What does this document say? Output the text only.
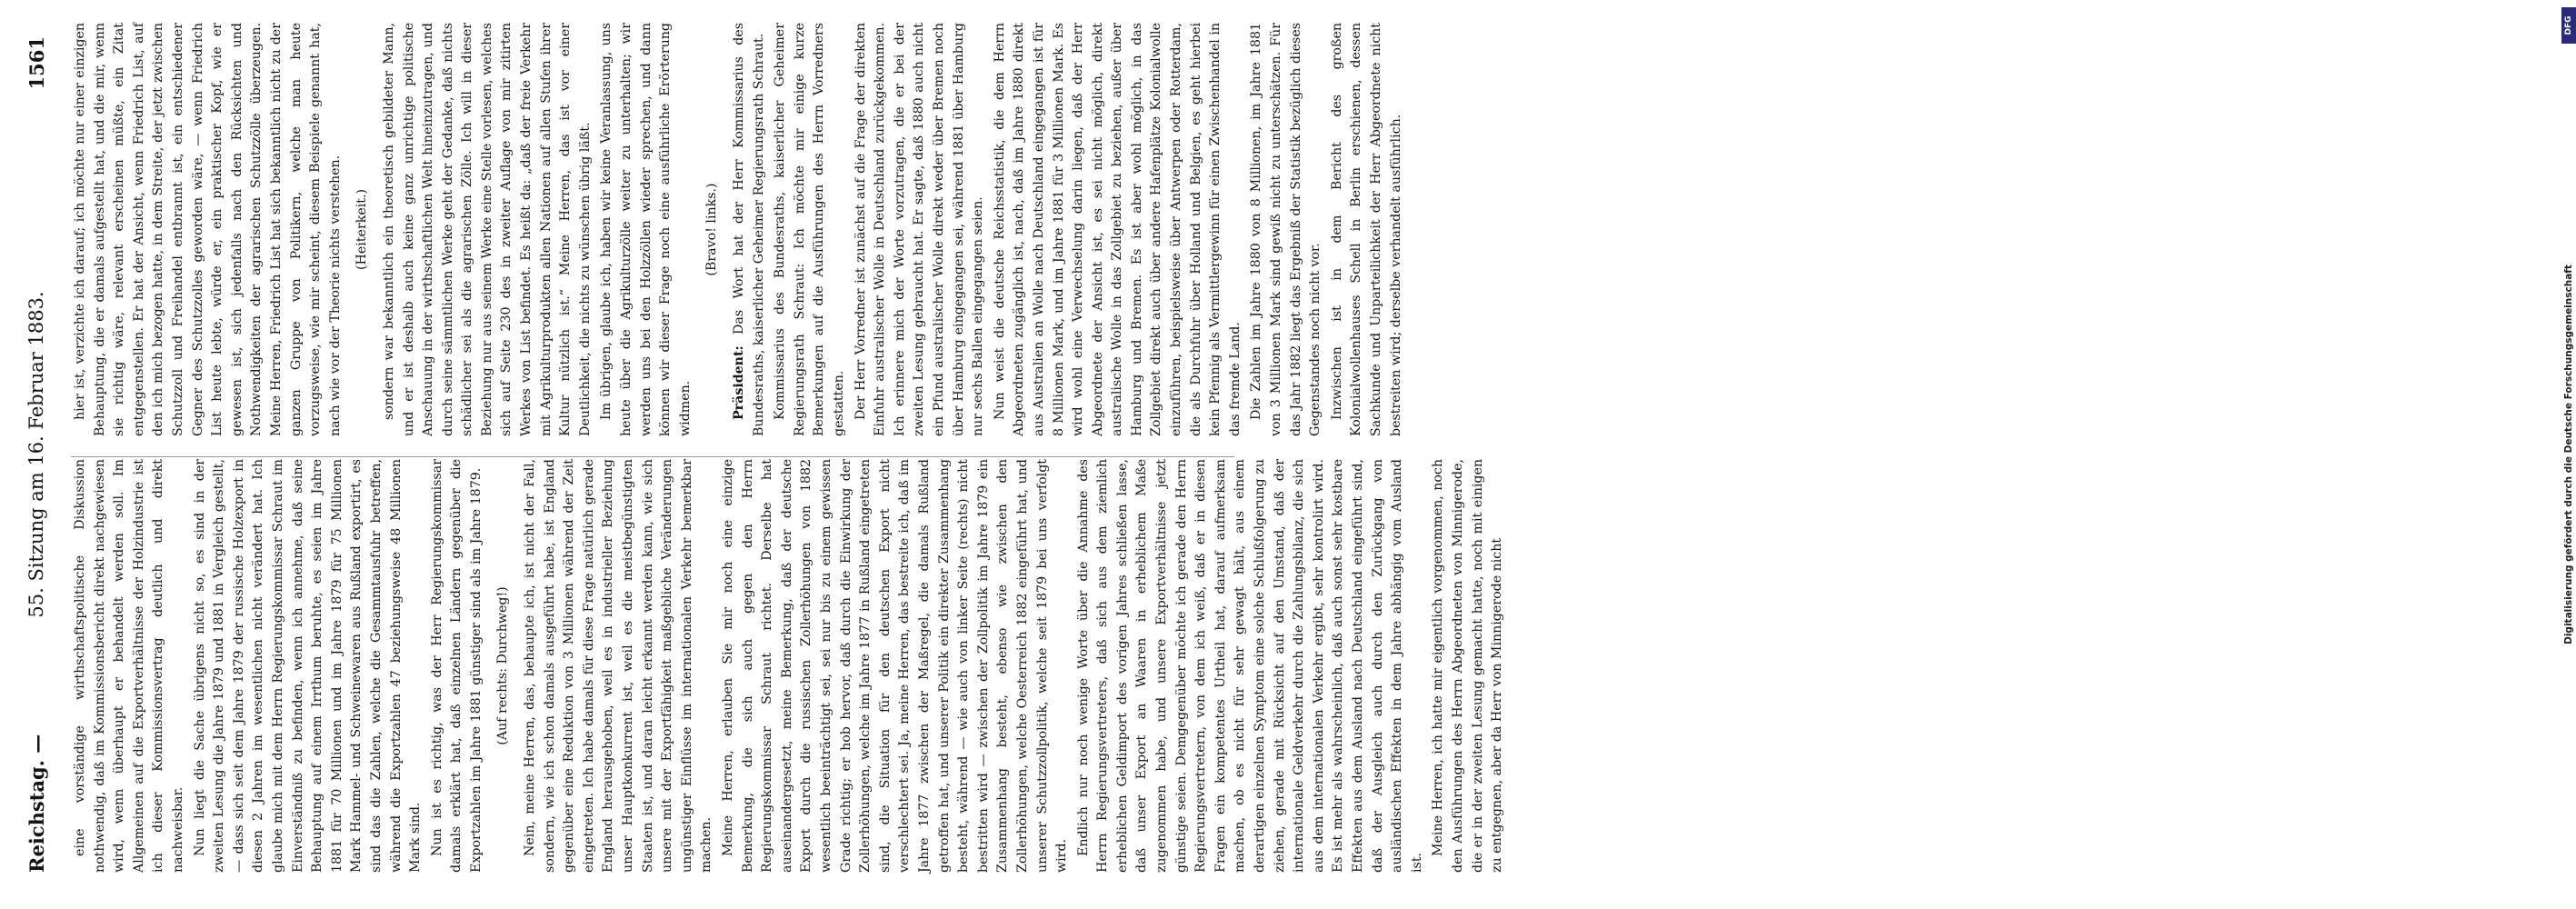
Reichstag. —
55. Sitzung am 16. Februar 1883.
1561

eine vorständige wirthschaftspolitische Diskussion nothwendig, daß im Kommissionsbericht direkt nachgewiesen wird, wenn überhaupt er behandelt werden soll. Im Allgemeinen auf die Exportverhältnisse der Holzindustrie ist ich dieser Kommissionsvertrag deutlich und direkt nachweisbar. Nun liegt die Sache übrigens nicht so, es sind in der zweiten Lesung die Jahre 1879 und 1881 in Vergleich gestellt, — dass sich seit dem Jahre 1879 der russische Holzexport in diesen 2 Jahren im wesentlichen nicht verändert hat. Ich glaube mich mit dem Herrn Regierungskommissar Schraut im Einverständniß zu befinden, wenn ich annehme, daß seine Behauptung auf einem Irrthum beruhte, es seien im Jahre 1881 für 70 Millionen und im Jahre 1879 für 75 Millionen Mark Hammel- und Schweinewaren aus Rußland exportirt, es sind das die Zahlen, welche die Gesammtausfuhr betreffen, während die Exportzahlen 47 beziehungsweise 48 Millionen Mark sind. Nun ist es richtig, was der Herr Regierungskommissar damals erklärt hat, daß einzelnen Ländern gegenüber die Exportzahlen im Jahre 1881 günstiger sind als im Jahre 1879. (Auf rechts: Durchweg!) Nein, meine Herren, das, behaupte ich, ist nicht der Fall, sondern, wie ich schon damals ausgeführt habe, ist England gegenüber eine Reduktion von 3 Millionen während der Zeit eingetreten. Ich habe damals für diese Frage natürlich gerade England herausgehoben, weil es in industrieller Beziehung unser Hauptkonkurrent ist, weil es die meistbegünstigten Staaten ist, und daran leicht erkannt werden kann, wie sich unsere mit der Exportfähigkeit maßgebliche Veränderungen ungünstiger Einflüsse im internationalen Verkehr bemerkbar machen. Meine Herren, erlauben Sie mir noch eine einzige Bemerkung, die sich auch gegen den Herrn Regierungskommissar Schraut richtet. Derselbe hat auseinandergesetzt, meine Bemerkung, daß der deutsche Export durch die russischen Zollerhöhungen von 1882 wesentlich beeinträchtigt sei, sei nur bis zu einem gewissen Grade richtig; er hob hervor, daß durch die Einwirkung der Zollerhöhungen, welche im Jahre 1877 in Rußland eingetreten sind, die Situation für den deutschen Export nicht verschlechtert sei. Ja, meine Herren, das bestreite ich, daß im Jahre 1877 zwischen der Maßregel, die damals Rußland getroffen hat, und unserer Politik ein direkter Zusammenhang besteht, während — wie auch von linker Seite (rechts) nicht bestritten wird — zwischen der Zollpolitik im Jahre 1879 ein Zusammenhang besteht, ebenso wie zwischen den Zollerhöhungen, welche Oesterreich 1882 eingeführt hat, und unserer Schutzzollpolitik, welche seit 1879 bei uns verfolgt wird. Endlich nur noch wenige Worte über die Annahme des Herrn Regierungsvertreters, daß sich aus dem ziemlich erheblichen Geldimport des vorigen Jahres schließen lasse, daß unser Export an Waaren in erheblichem Maße zugenommen habe, und unsere Exportverhältnisse jetzt günstige seien. Demgegenüber möchte ich gerade den Herrn Regierungsvertretern, von dem ich weiß, daß er in diesen Fragen ein kompetentes Urtheil hat, darauf aufmerksam machen, ob es nicht für sehr gewagt hält, aus einem derartigen einzelnen Symptom eine solche Schlußfolgerung zu ziehen, gerade mit Rücksicht auf den Umstand, daß der internationale Geldverkehr durch die Zahlungsbilanz, die sich aus dem internationalen Verkehr ergibt, sehr kontrolirt wird. Es ist mehr als wahrscheinlich, daß auch sonst sehr kostbare Effekten aus dem Ausland nach Deutschland eingeführt sind, daß der Ausgleich auch durch den Zurückgang von ausländischen Effekten in dem Jahre abhängig vom Ausland ist.

Meine Herren, ich hatte mir eigentlich vorgenommen, noch den Ausführungen des Herrn Abgeordneten von Minnigerode, die er in der zweiten Lesung gemacht hatte, noch mit einigen zu entgegnen, aber da Herr von Minnigerode nicht

hier ist, verzichte ich darauf; ich möchte nur einer einzigen Behauptung, die er damals aufgestellt hat, und die mir, wenn sie richtig wäre, relevant erscheinen müßte, ein Zitat entgegenstellen. Er hat der Ansicht, wenn Friedrich List, auf den ich mich bezogen hatte, in dem Streite, der jetzt zwischen Schutzzoll und Freihandel entbrannt ist, ein entschiedener Gegner des Schutzzolles geworden wäre, — wenn Friedrich List heute lebte, würde er, ein praktischer Kopf, wie er gewesen ist, sich jedenfalls nach den Rücksichten und Nothwendigkeiten der agrarischen Schutzzölle überzeugen. Meine Herren, Friedrich List hat sich bekanntlich nicht zu der ganzen Gruppe von Politikern, welche man heute vorzugsweise, wie mir scheint, diesem Beispiele genannt hat, nach wie vor der Theorie nichts verstehen. (Heiterkeit.) sondern war bekanntlich ein theoretisch gebildeter Mann, und er ist deshalb auch keine ganz unrichtige politische Anschauung in der wirthschaftlichen Welt hineinzutragen, und durch seine sämmtlichen Werke geht der Gedanke, daß nichts schädlicher sei als die agrarischen Zölle. Ich will in dieser Beziehung nur aus seinem Werke eine Stelle vorlesen, welches sich auf Seite 230 des in zweiter Auflage von mir zitirten Werkes von List befindet. Es heißt da: „daß der freie Verkehr mit Agrikulturprodukten allen Nationen auf allen Stufen ihrer Kultur nützlich ist.“ Meine Herren, das ist vor einer Deutlichkeit, die nichts zu wünschen übrig läßt. Im übrigen, glaube ich, haben wir keine Veranlassung, uns heute über die Agrikulturzölle weiter zu unterhalten; wir werden uns bei den Holzzöllen wieder sprechen, und dann können wir dieser Frage noch eine ausführliche Erörterung widmen.

(Bravo! links.)

Präsident: Das Wort hat der Herr Kommissarius des Bundesraths, kaiserlicher Geheimer Regierungsrath Schraut. Kommissarius des Bundesraths, kaiserlicher Geheimer Regierungsrath Schraut: Ich möchte mir einige kurze Bemerkungen auf die Ausführungen des Herrn Vorredners gestatten. Der Herr Vorredner ist zunächst auf die Frage der direkten Einfuhr australischer Wolle in Deutschland zurückgekommen. Ich erinnere mich der Worte vorzutragen, die er bei der zweiten Lesung gebraucht hat. Er sagte, daß 1880 auch nicht ein Pfund australischer Wolle direkt weder über Bremen noch über Hamburg eingegangen sei, während 1881 über Hamburg nur sechs Ballen eingegangen seien. Nun weist die deutsche Reichsstatistik, die dem Herrn Abgeordneten zugänglich ist, nach, daß im Jahre 1880 direkt aus Australien an Wolle nach Deutschland eingegangen ist für 8 Millionen Mark, und im Jahre 1881 für 3 Millionen Mark. Es wird wohl eine Verwechselung darin liegen, daß der Herr Abgeordnete der Ansicht ist, es sei nicht möglich, direkt australische Wolle in das Zollgebiet zu beziehen, außer über Hamburg und Bremen. Es ist aber wohl möglich, in das Zollgebiet direkt auch über andere Hafenplätze Kolonialwolle einzuführen, beispielsweise über Antwerpen oder Rotterdam, die als Durchfuhr über Holland und Belgien, es geht hierbei kein Pfennig als Vermittlergewinn für einen Zwischenhandel in das fremde Land. Die Zahlen im Jahre 1880 von 8 Millionen, im Jahre 1881 von 3 Millionen Mark sind gewiß nicht zu unterschätzen. Für das Jahr 1882 liegt das Ergebniß der Statistik bezüglich dieses Gegenstandes noch nicht vor. Inzwischen ist in dem Bericht des großen Kolonialwollenhauses Schell in Berlin erschienen, dessen Sachkunde und Unparteilichkeit der Herr Abgeordnete nicht bestreiten wird; derselbe verhandelt ausführlich.

DFG
Digitalisierung gefördert durch die Deutsche Forschungsgemeinschaft
